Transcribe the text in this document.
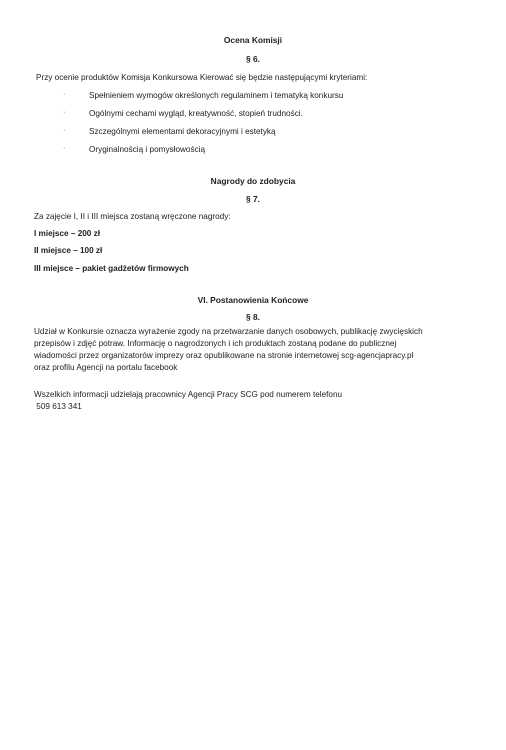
Ocena Komisji

§ 6.

Przy ocenie produktów Komisja Konkursowa Kierować się będzie następującymi kryteriami:

·	Spełnieniem wymogów określonych regulaminem i tematyką konkursu
·	Ogólnymi cechami wygląd, kreatywność, stopień trudności.
·	Szczególnymi elementami dekoracyjnymi i estetyką
·	Oryginalnością i pomysłowością

Nagrody do zdobycia

§ 7.

Za zajęcie I, II i III miejsca zostaną wręczone nagrody:

I miejsce – 200 zł

II miejsce – 100 zł

III miejsce – pakiet gadżetów firmowych

VI. Postanowienia Końcowe

§ 8.

Udział w Konkursie oznacza wyrażenie zgody na przetwarzanie danych osobowych, publikację zwycięskich
przepisów i zdjęć potraw. Informację o nagrodzonych i ich produktach zostaną podane do publicznej
wiadomości przez organizatorów imprezy oraz opublikowane na stronie internetowej scg-agencjapracy.pl
oraz profilu Agencji na portalu facebook
Wszelkich informacji udzielają pracownicy Agencji Pracy SCG pod numerem telefonu
509 613 341
